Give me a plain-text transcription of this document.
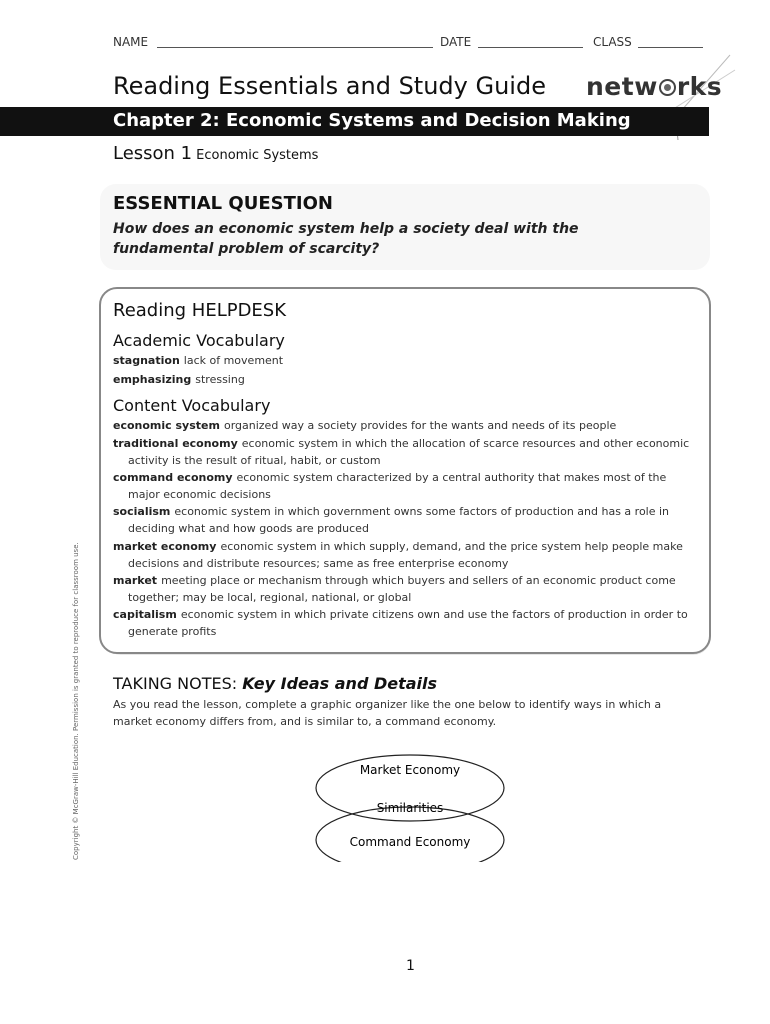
NAME	DATE	CLASS
Reading Essentials and Study Guide netw rks
Chapter 2: Economic Systems and Decision Making
Lesson 1 Economic Systems
ESSENTIAL QUESTION
How does an economic system help a society deal with the fundamental problem of scarcity?
Reading HELPDESK
Academic Vocabulary
stagnation lack of movement
emphasizing stressing
Content Vocabulary
economic system organized way a society provides for the wants and needs of its people
traditional economy economic system in which the allocation of scarce resources and other economic activity is the result of ritual, habit, or custom
command economy economic system characterized by a central authority that makes most of the major economic decisions
socialism economic system in which government owns some factors of production and has a role in deciding what and how goods are produced
market economy economic system in which supply, demand, and the price system help people make decisions and distribute resources; same as free enterprise economy
market meeting place or mechanism through which buyers and sellers of an economic product come together; may be local, regional, national, or global
capitalism economic system in which private citizens own and use the factors of production in order to generate profits
TAKING NOTES: Key Ideas and Details
As you read the lesson, complete a graphic organizer like the one below to identify ways in which a market economy differs from, and is similar to, a command economy.
Market Economy
Similarities
Command Economy
Copyright © McGraw-Hill Education. Permission is granted to reproduce for classroom use.
1
